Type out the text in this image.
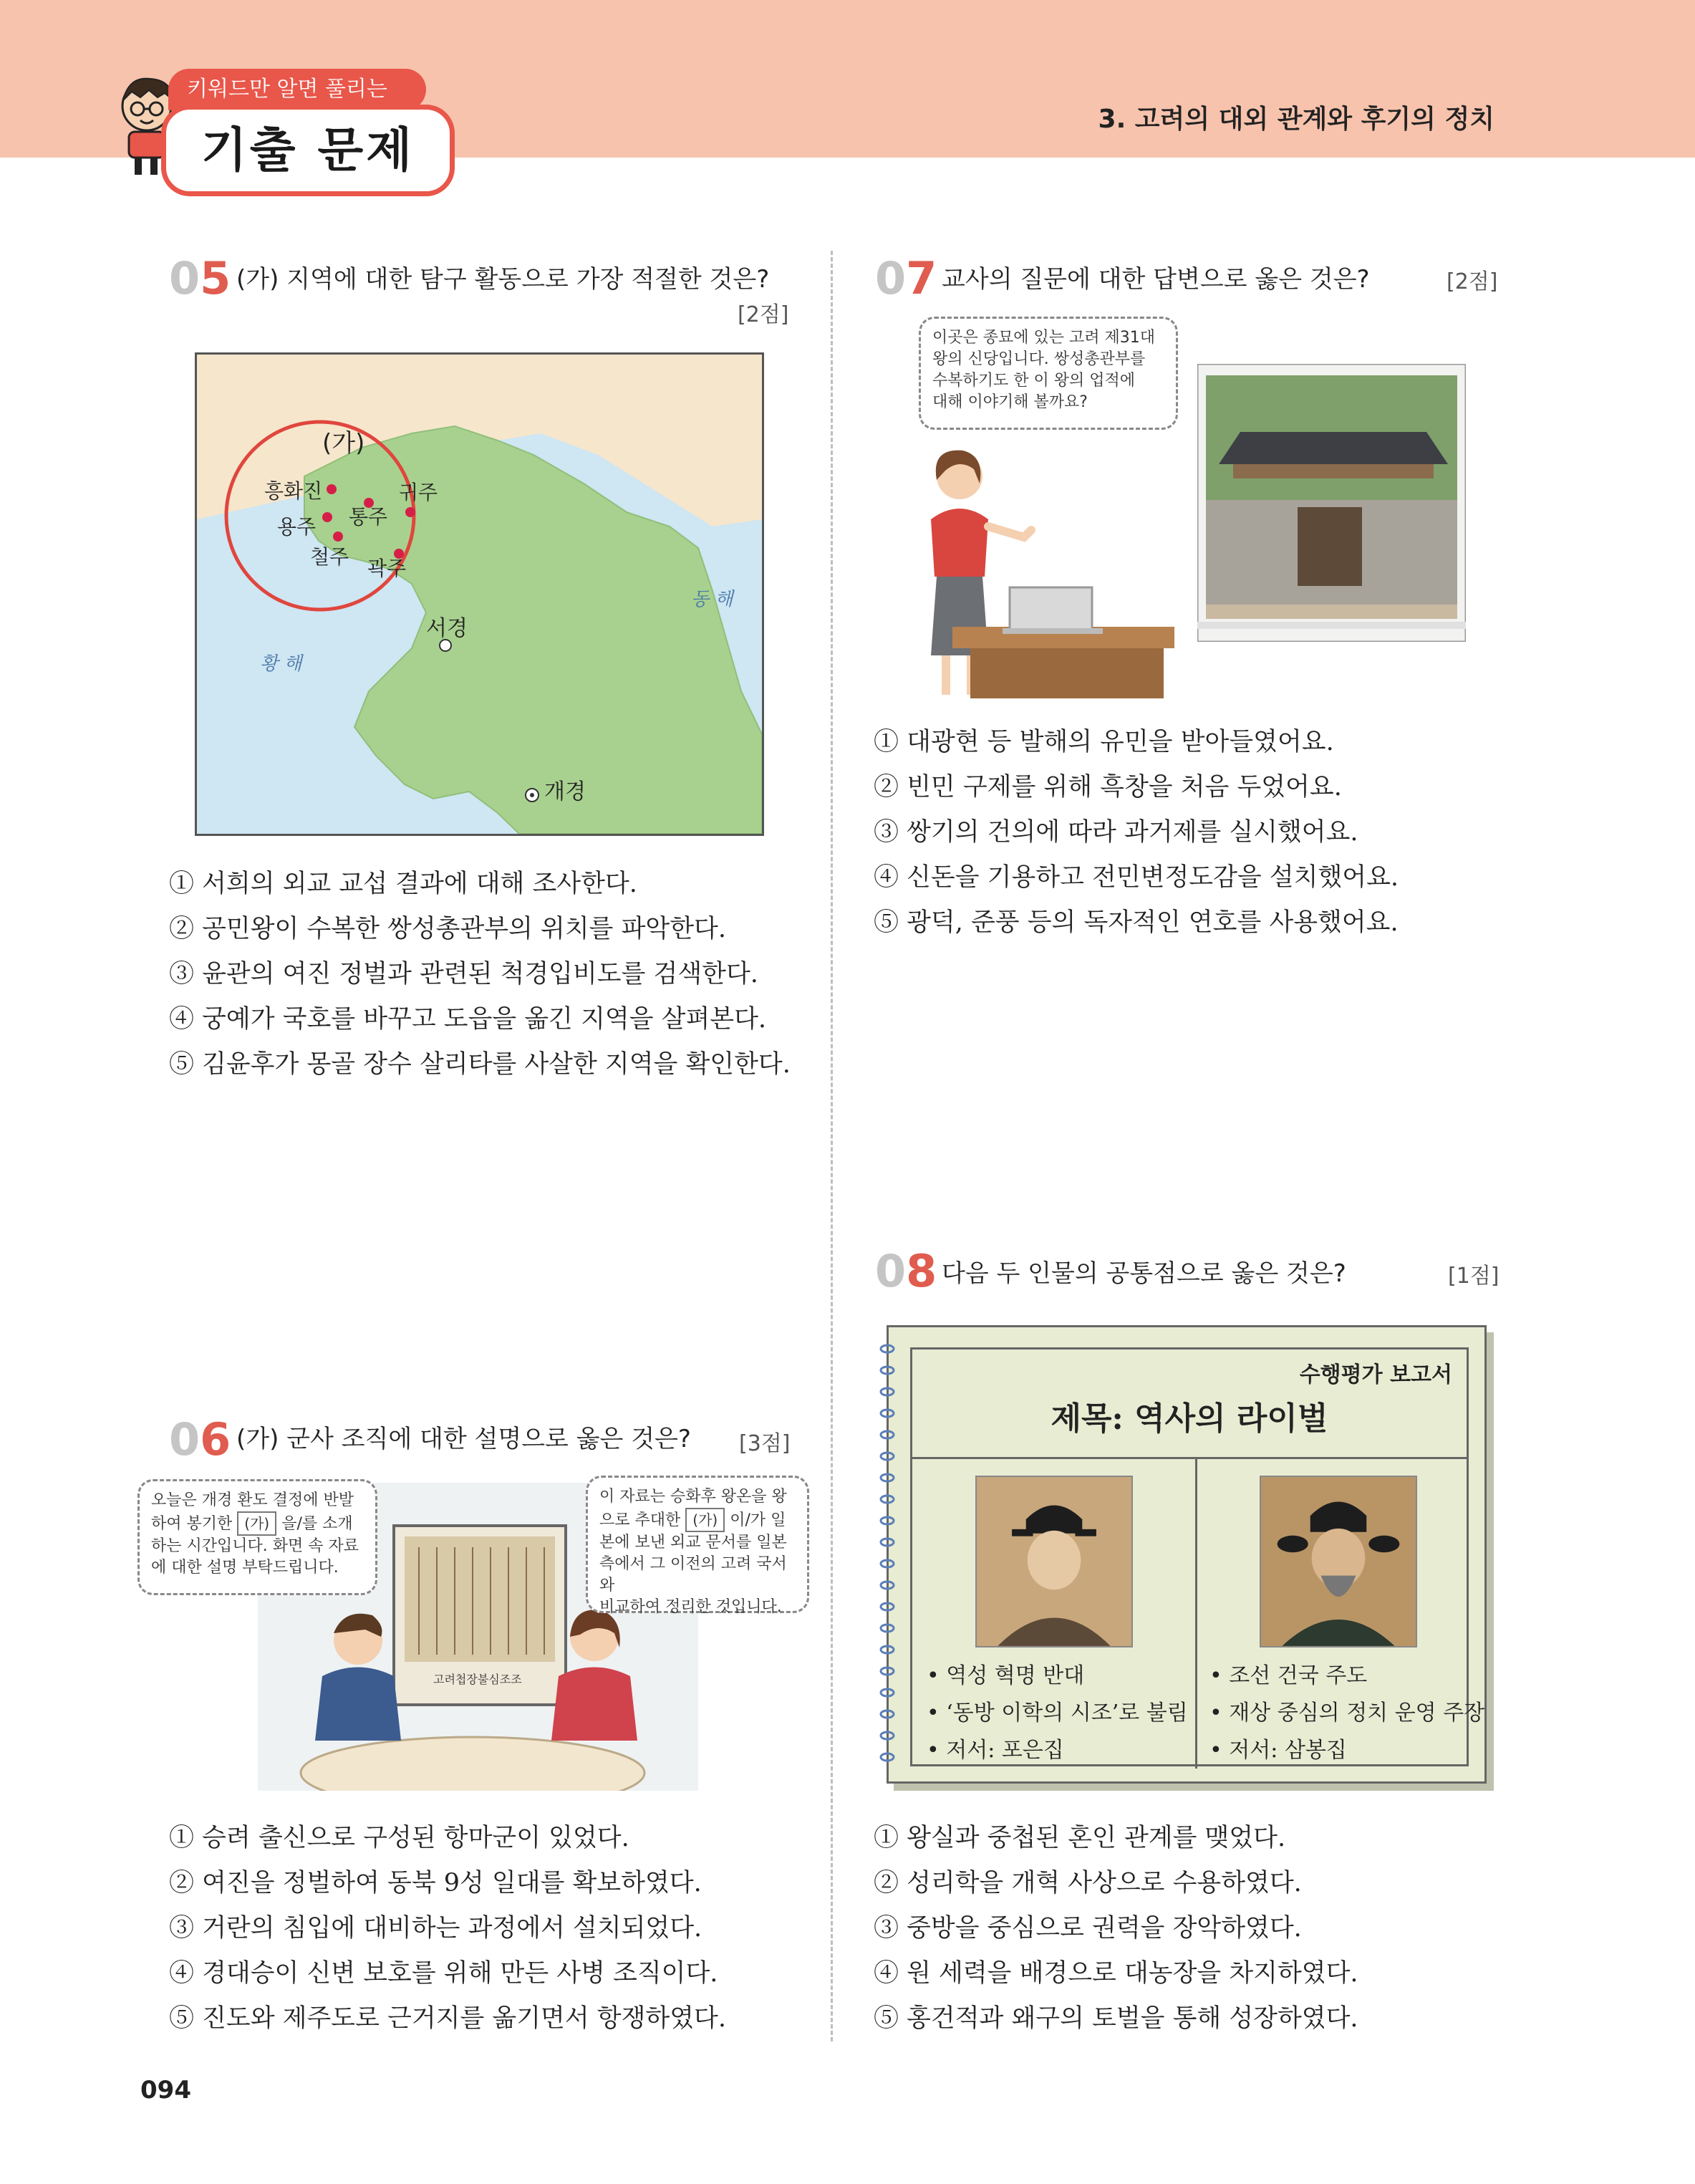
3. 고려의 대외 관계와 후기의 정치
키워드만 알면 풀리는
기출 문제
05 (가) 지역에 대한 탐구 활동으로 가장 적절한 것은?
[2점]
(가)
흥화진	귀주
통주
용주
철주 곽주
서경
개경
황 해
동 해
① 서희의 외교 교섭 결과에 대해 조사한다.
② 공민왕이 수복한 쌍성총관부의 위치를 파악한다.
③ 윤관의 여진 정벌과 관련된 척경입비도를 검색한다.
④ 궁예가 국호를 바꾸고 도읍을 옮긴 지역을 살펴본다.
⑤ 김윤후가 몽골 장수 살리타를 사살한 지역을 확인한다.
06 (가) 군사 조직에 대한 설명으로 옳은 것은? [3점]
고려첩장불심조조
오늘은 개경 환도 결정에 반발
하여 봉기한 (가) 을/를 소개
하는 시간입니다. 화면 속 자료
에 대한 설명 부탁드립니다.
이 자료는 승화후 왕온을 왕
으로 추대한 (가) 이/가 일
본에 보낸 외교 문서를 일본
측에서 그 이전의 고려 국서와
비교하여 정리한 것입니다.
① 승려 출신으로 구성된 항마군이 있었다.
② 여진을 정벌하여 동북 9성 일대를 확보하였다.
③ 거란의 침입에 대비하는 과정에서 설치되었다.
④ 경대승이 신변 보호를 위해 만든 사병 조직이다.
⑤ 진도와 제주도로 근거지를 옮기면서 항쟁하였다.
07 교사의 질문에 대한 답변으로 옳은 것은?	[2점]
이곳은 종묘에 있는 고려 제31대
왕의 신당입니다. 쌍성총관부를
수복하기도 한 이 왕의 업적에
대해 이야기해 볼까요?
① 대광현 등 발해의 유민을 받아들였어요.
② 빈민 구제를 위해 흑창을 처음 두었어요.
③ 쌍기의 건의에 따라 과거제를 실시했어요.
④ 신돈을 기용하고 전민변정도감을 설치했어요.
⑤ 광덕, 준풍 등의 독자적인 연호를 사용했어요.
08 다음 두 인물의 공통점으로 옳은 것은?	[1점]
수행평가 보고서
제목: 역사의 라이벌
• 역성 혁명 반대
• ‘동방 이학의 시조’로 불림
• 저서: 포은집
• 조선 건국 주도
• 재상 중심의 정치 운영 주장
• 저서: 삼봉집
① 왕실과 중첩된 혼인 관계를 맺었다.
② 성리학을 개혁 사상으로 수용하였다.
③ 중방을 중심으로 권력을 장악하였다.
④ 원 세력을 배경으로 대농장을 차지하였다.
⑤ 홍건적과 왜구의 토벌을 통해 성장하였다.
094
